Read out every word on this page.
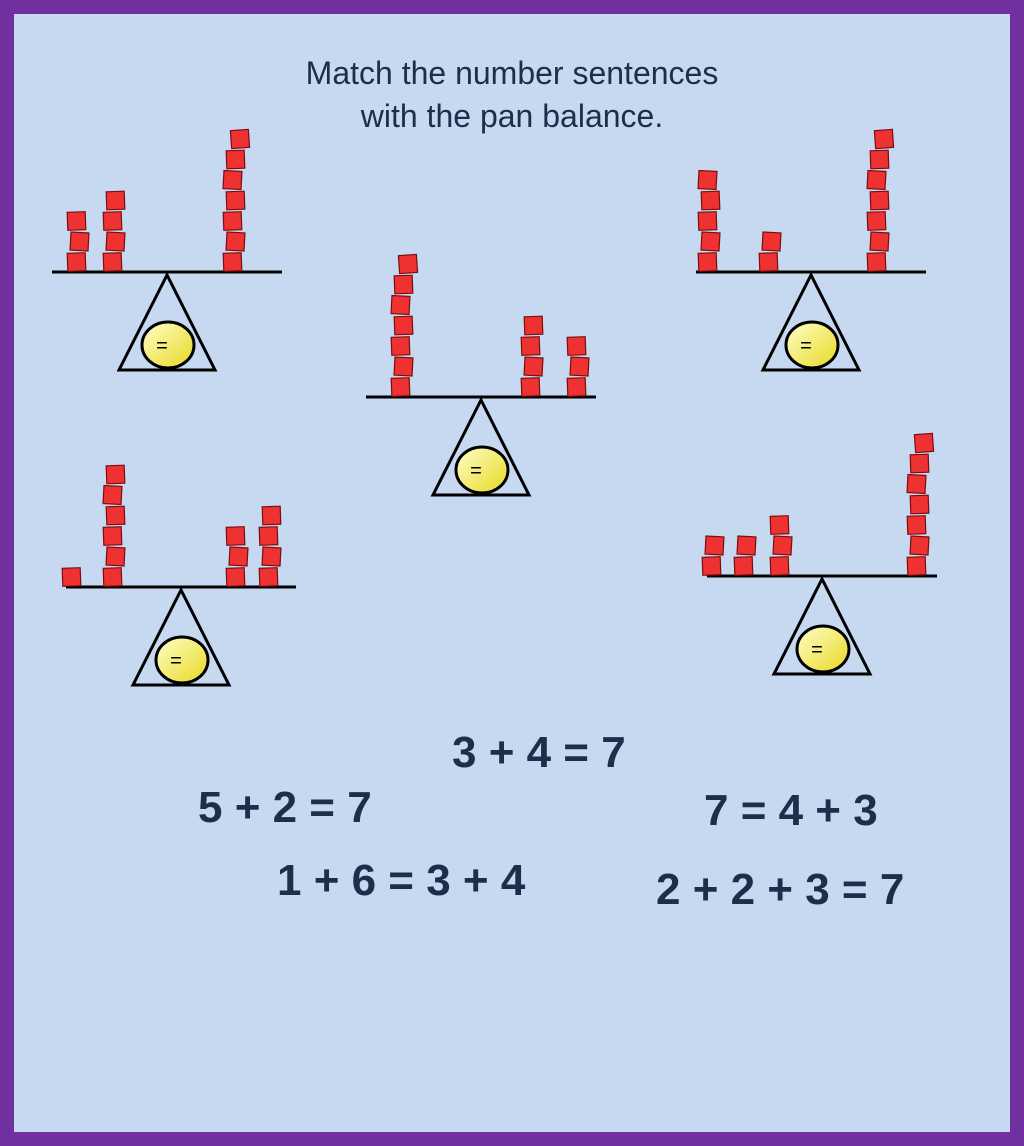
Match the number sentences
with the pan balance.

=
=
=
=	=

3 + 4 = 7

5 + 2 = 7	7 = 4 + 3

1 + 6 = 3 + 4	2 + 2 + 3 = 7
